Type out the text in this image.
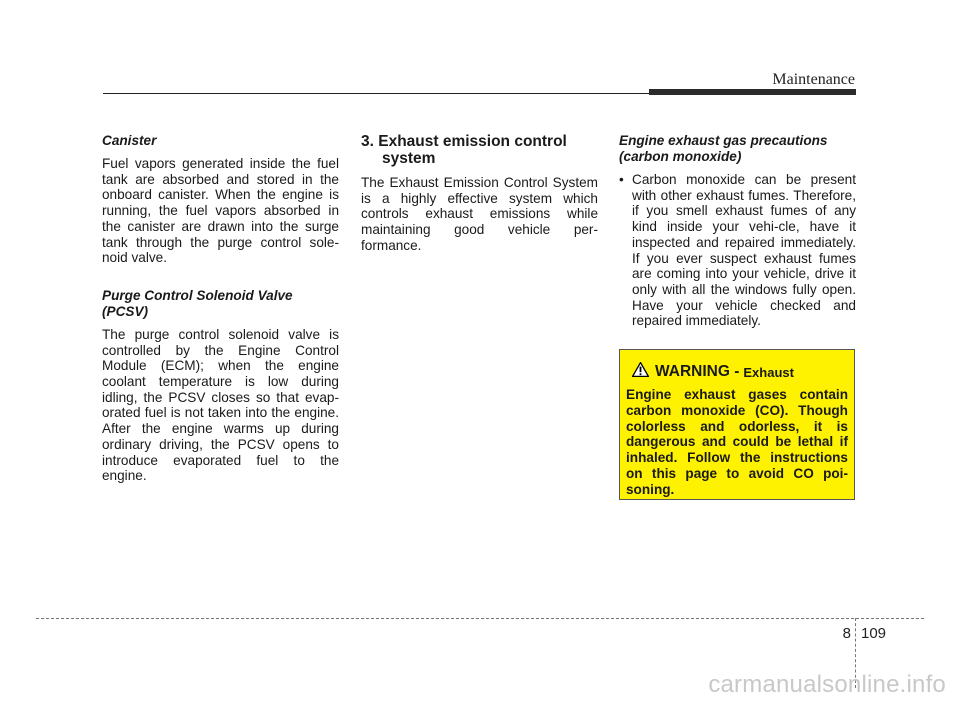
Maintenance
Canister
Fuel vapors generated inside the fuel tank are absorbed and stored in the onboard canister. When the engine is running, the fuel vapors absorbed in the canister are drawn into the surge tank through the purge control sole-noid valve.
Purge Control Solenoid Valve (PCSV)
The purge control solenoid valve is controlled by the Engine Control Module (ECM); when the engine coolant temperature is low during idling, the PCSV closes so that evap-orated fuel is not taken into the engine. After the engine warms up during ordinary driving, the PCSV opens to introduce evaporated fuel to the engine.
3. Exhaust emission control system
The Exhaust Emission Control System is a highly effective system which controls exhaust emissions while maintaining good vehicle per-formance.
Engine exhaust gas precautions (carbon monoxide)
• Carbon monoxide can be present with other exhaust fumes. Therefore, if you smell exhaust fumes of any kind inside your vehi-cle, have it inspected and repaired immediately. If you ever suspect exhaust fumes are coming into your vehicle, drive it only with all the windows fully open. Have your vehicle checked and repaired immediately.
WARNING - Exhaust
Engine exhaust gases contain carbon monoxide (CO). Though colorless and odorless, it is dangerous and could be lethal if inhaled. Follow the instructions on this page to avoid CO poi-soning.
8 109
carmanualsonline.info
